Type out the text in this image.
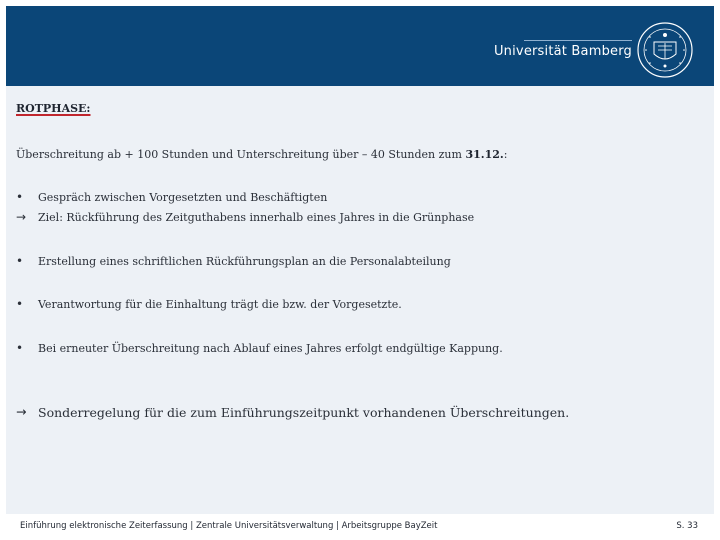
Universität Bamberg
ROTPHASE:
Überschreitung ab + 100 Stunden und Unterschreitung über – 40 Stunden zum 31.12.:
• Gespräch zwischen Vorgesetzten und Beschäftigten
→ Ziel: Rückführung des Zeitguthabens innerhalb eines Jahres in die Grünphase
• Erstellung eines schriftlichen Rückführungsplan an die Personalabteilung
• Verantwortung für die Einhaltung trägt die bzw. der Vorgesetzte.
• Bei erneuter Überschreitung nach Ablauf eines Jahres erfolgt endgültige Kappung.
→ Sonderregelung für die zum Einführungszeitpunkt vorhandenen Überschreitungen.
Einführung elektronische Zeiterfassung | Zentrale Universitätsverwaltung | Arbeitsgruppe BayZeit	S. 33
